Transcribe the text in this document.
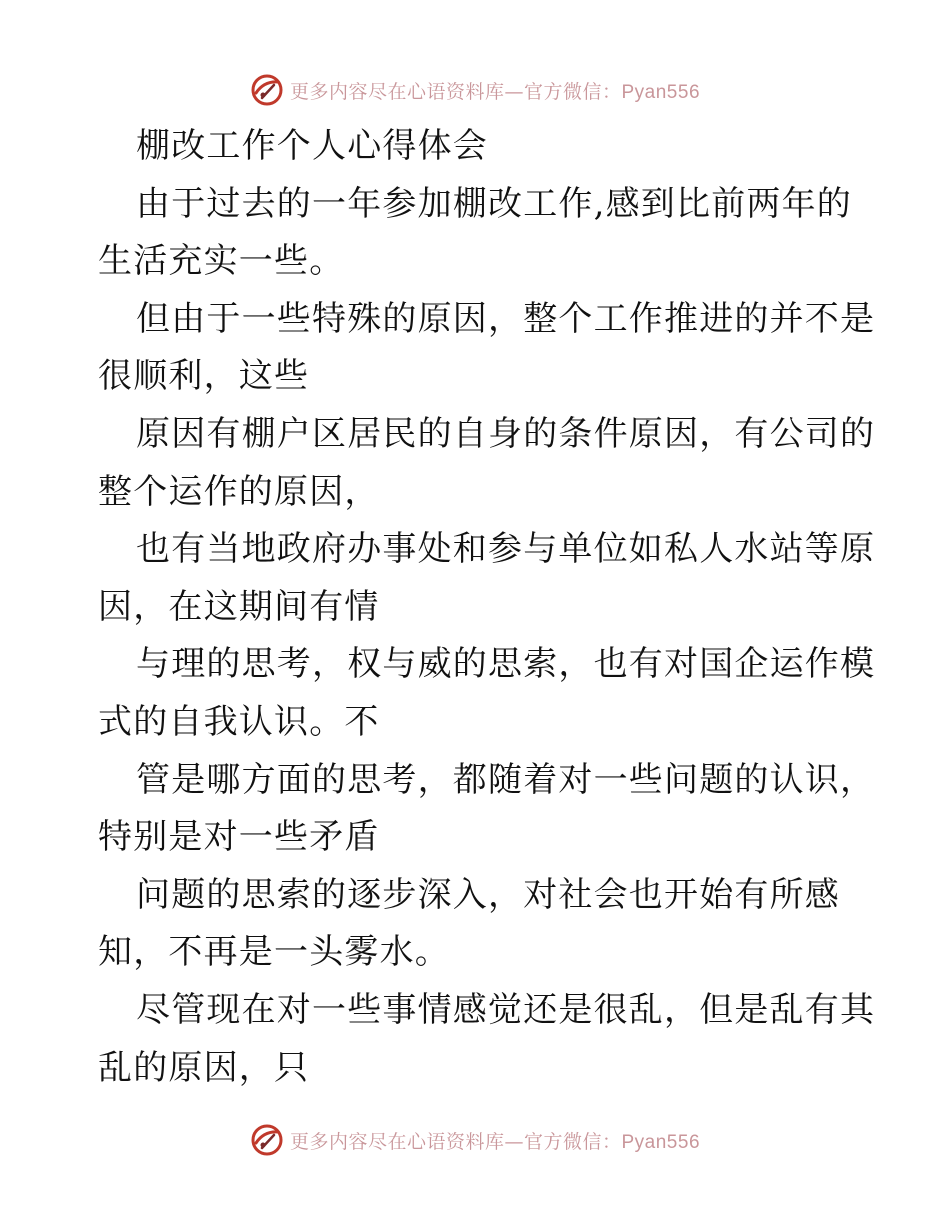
更多内容尽在心语资料库—官方微信：Pyan556
棚改工作个人心得体会
由于过去的一年参加棚改工作,感到比前两年的
生活充实一些。
但由于一些特殊的原因，整个工作推进的并不是
很顺利，这些
原因有棚户区居民的自身的条件原因，有公司的
整个运作的原因，
也有当地政府办事处和参与单位如私人水站等原
因，在这期间有情
与理的思考，权与威的思索，也有对国企运作模
式的自我认识。不
管是哪方面的思考，都随着对一些问题的认识，
特别是对一些矛盾
问题的思索的逐步深入，对社会也开始有所感
知，不再是一头雾水。
尽管现在对一些事情感觉还是很乱，但是乱有其
乱的原因，只
更多内容尽在心语资料库—官方微信：Pyan556
